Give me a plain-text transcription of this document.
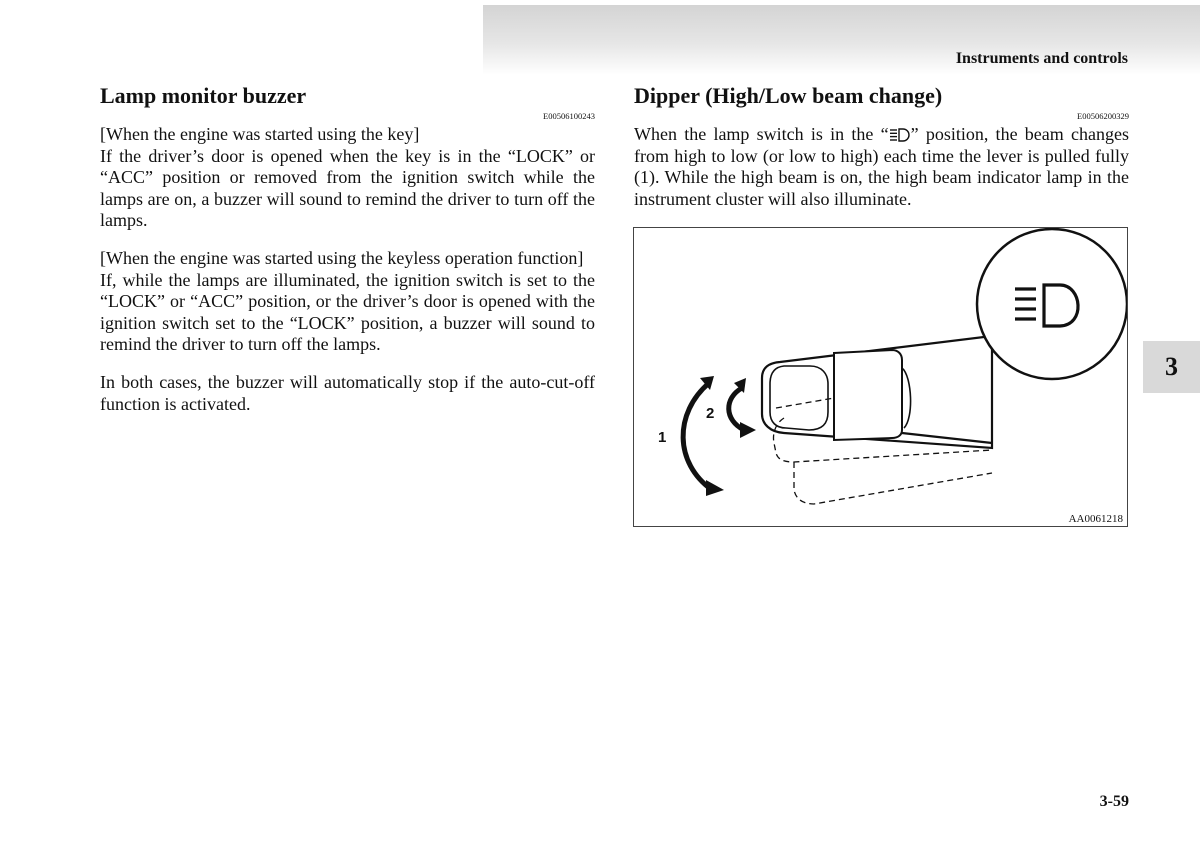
Instruments and controls
Lamp monitor buzzer
E00506100243

[When the engine was started using the key]
If the driver’s door is opened when the key is in the “LOCK” or “ACC” position or removed from the ignition switch while the lamps are on, a buzzer will sound to remind the driver to turn off the lamps.

[When the engine was started using the keyless operation function]
If, while the lamps are illuminated, the ignition switch is set to the “LOCK” or “ACC” position, or the driver’s door is opened with the ignition switch set to the “LOCK” position, a buzzer will sound to remind the driver to turn off the lamps.

In both cases, the buzzer will automatically stop if the auto-cut-off function is activated.

Dipper (High/Low beam change)
E00506200329

When the lamp switch is in the “ ” position, the beam changes from high to low (or low to high) each time the lever is pulled fully (1). While the high beam is on, the high beam indicator lamp in the instrument cluster will also illuminate.

1
2
AA0061218
3
3-59
